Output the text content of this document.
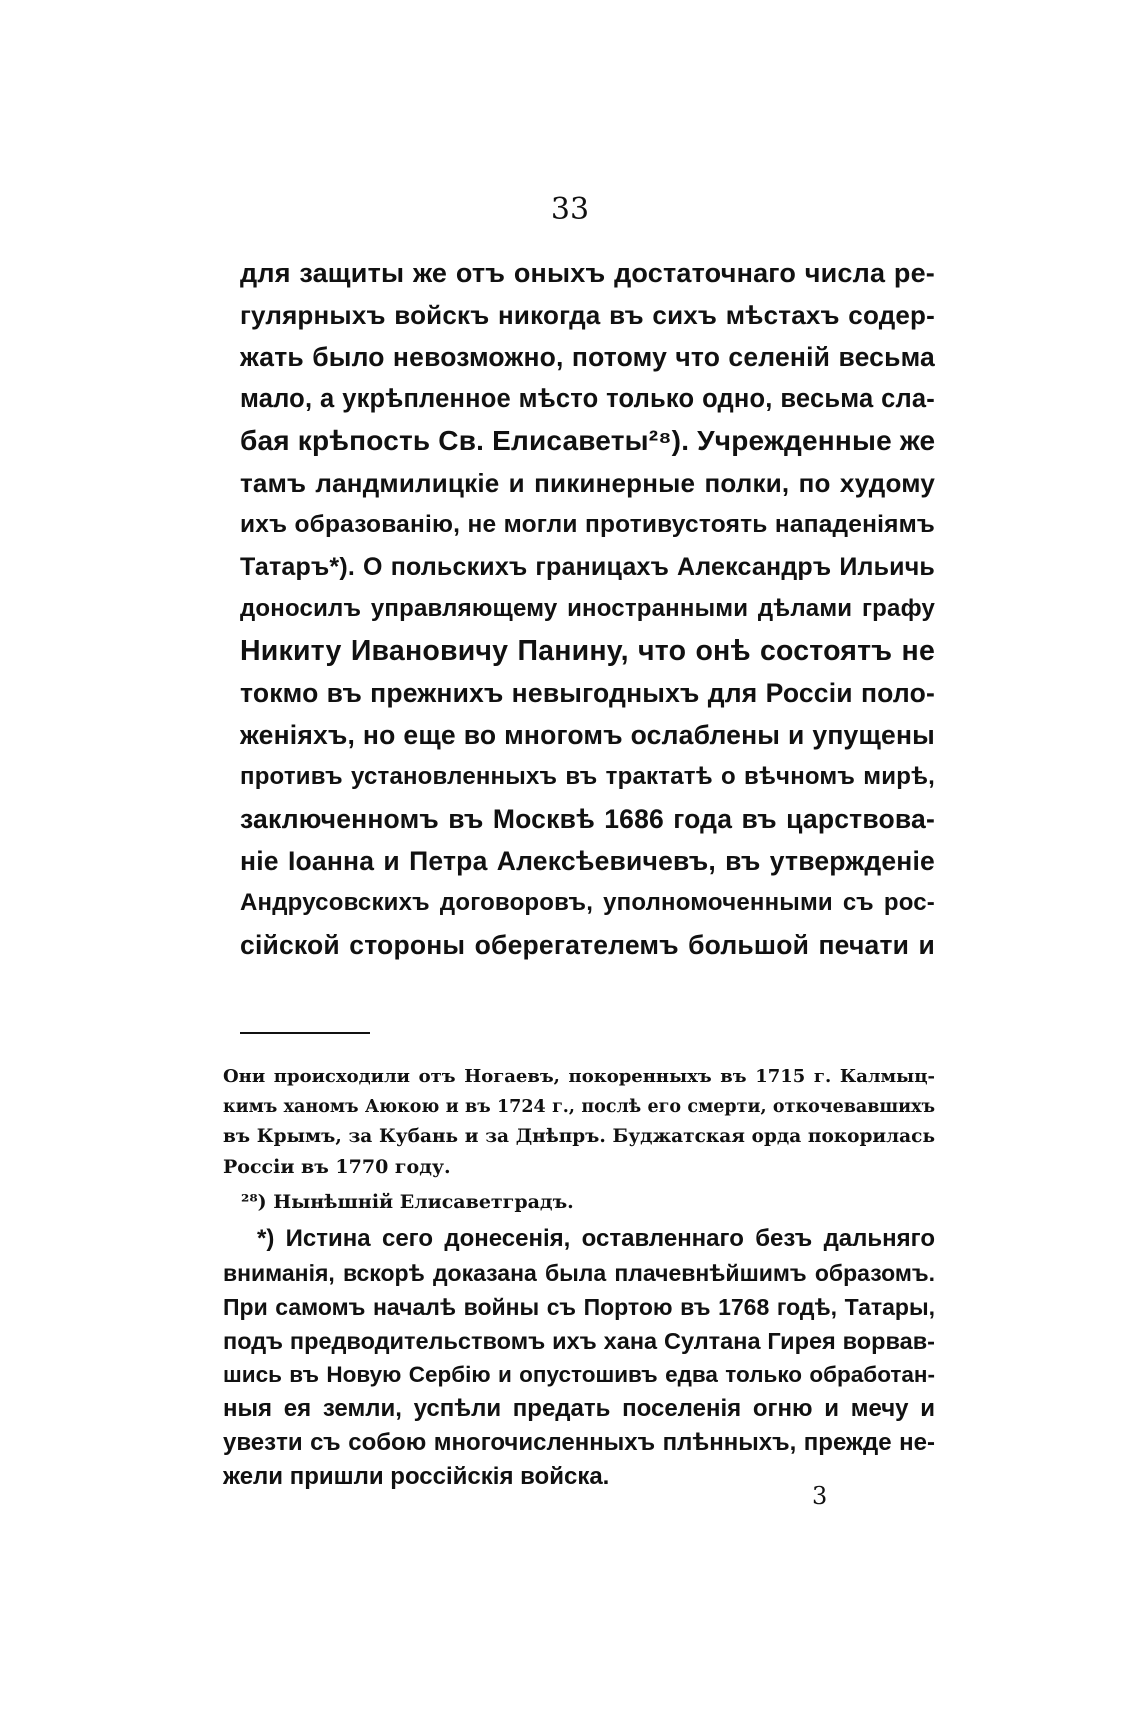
33
для защиты же отъ оныхъ достаточнаго числа ре-
гулярныхъ войскъ никогда въ сихъ мѣстахъ содер-
жать было невозможно, потому что селеній весьма
мало, а укрѣпленное мѣсто только одно, весьма сла-
бая крѣпость Св. Елисаветы²⁸). Учрежденные же
тамъ ландмилицкіе и пикинерные полки, по худому
ихъ образованію, не могли противустоять нападеніямъ
Татаръ*). О польскихъ границахъ Александръ Ильичь
доносилъ управляющему иностранными дѣлами графу
Никиту Ивановичу Панину, что онѣ состоятъ не
токмо въ прежнихъ невыгодныхъ для Россіи поло-
женіяхъ, но еще во многомъ ослаблены и упущены
противъ установленныхъ въ трактатѣ о вѣчномъ мирѣ,
заключенномъ въ Москвѣ 1686 года въ царствова-
ніе Іоанна и Петра Алексѣевичевъ, въ утвержденіе
Андрусовскихъ договоровъ, уполномоченными съ рос-
сійской стороны оберегателемъ большой печати и
Они происходили отъ Ногаевъ, покоренныхъ въ 1715 г. Калмыц-
кимъ ханомъ Аюкою и въ 1724 г., послѣ его смерти, откочевавшихъ
въ Крымъ, за Кубань и за Днѣпръ. Буджатская орда покорилась
Россіи въ 1770 году.
²⁸) Нынѣшній Елисаветградъ.
*) Истина сего донесенія, оставленнаго безъ дальняго
вниманія, вскорѣ доказана была плачевнѣйшимъ образомъ.
При самомъ началѣ войны съ Портою въ 1768 годѣ, Татары,
подъ предводительствомъ ихъ хана Султана Гирея ворвав-
шись въ Новую Сербію и опустошивъ едва только обработан-
ныя ея земли, успѣли предать поселенія огню и мечу и
увезти съ собою многочисленныхъ плѣнныхъ, прежде не-
жели пришли россійскія войска.
3
